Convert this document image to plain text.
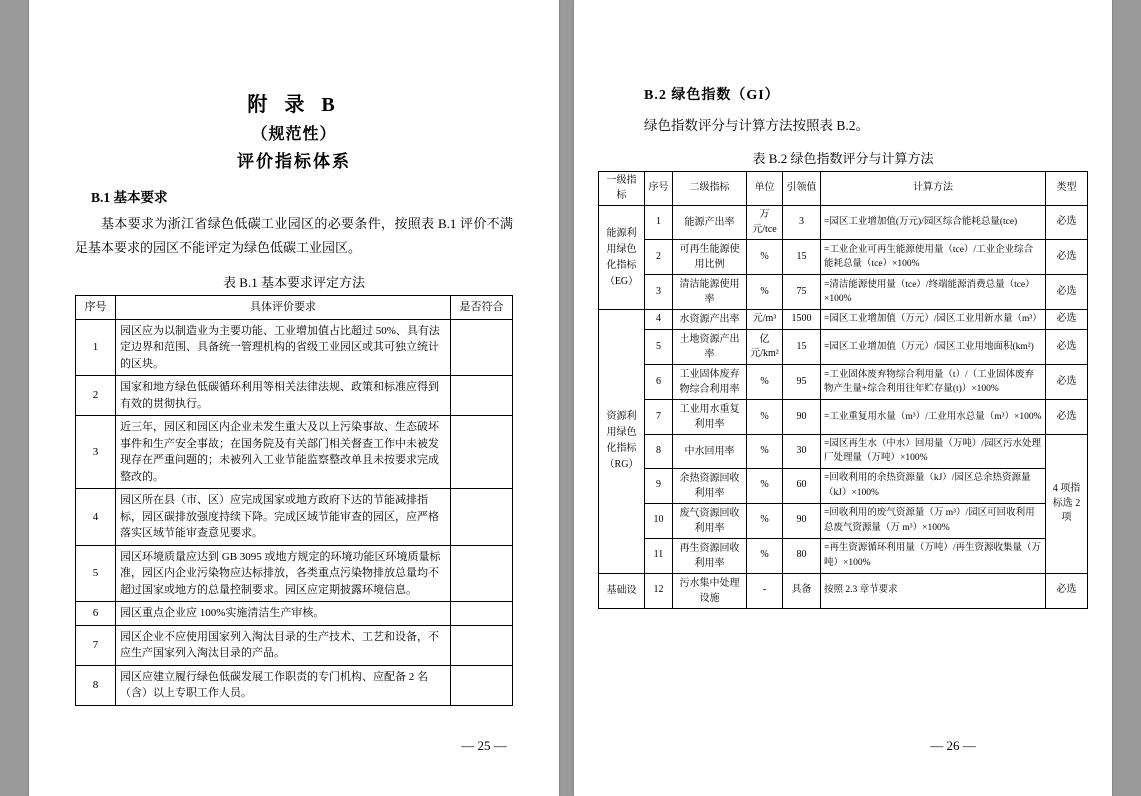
附 录 B
（规范性）
评价指标体系
B.1 基本要求
基本要求为浙江省绿色低碳工业园区的必要条件，按照表 B.1 评价不满足基本要求的园区不能评定为绿色低碳工业园区。
表 B.1 基本要求评定方法
序号	具体评价要求	是否符合
1	园区应为以制造业为主要功能、工业增加值占比超过 50%、具有法定边界和范围、具备统一管理机构的省级工业园区或其可独立统计的区块。	
2	国家和地方绿色低碳循环利用等相关法律法规、政策和标准应得到有效的贯彻执行。	
3	近三年，园区和园区内企业未发生重大及以上污染事故、生态破坏事件和生产安全事故；在国务院及有关部门相关督查工作中未被发现存在严重问题的；未被列入工业节能监察整改单且未按要求完成整改的。	
4	园区所在县（市、区）应完成国家或地方政府下达的节能减排指标，园区碳排放强度持续下降。完成区域节能审查的园区，应严格落实区域节能审查意见要求。	
5	园区环境质量应达到 GB 3095 或地方规定的环境功能区环境质量标准，园区内企业污染物应达标排放，各类重点污染物排放总量均不超过国家或地方的总量控制要求。园区应定期披露环境信息。	
6	园区重点企业应 100%实施清洁生产审核。	
7	园区企业不应使用国家列入淘汰目录的生产技术、工艺和设备，不应生产国家列入淘汰目录的产品。	
8	园区应建立履行绿色低碳发展工作职责的专门机构、应配备 2 名（含）以上专职工作人员。	
— 25 —
B.2 绿色指数（GI）
绿色指数评分与计算方法按照表 B.2。
表 B.2 绿色指数评分与计算方法
一级指标	序号	二级指标	单位	引领值	计算方法	类型
能源利用绿色化指标（EG）	1	能源产出率	万元/tce	3	=园区工业增加值(万元)/园区综合能耗总量(tce)	必选
	2	可再生能源使用比例	%	15	=工业企业可再生能源使用量（tce）/工业企业综合能耗总量（tce）×100%	必选
	3	清洁能源使用率	%	75	=清洁能源使用量（tce）/终端能源消费总量（tce）×100%	必选
资源利用绿色化指标（RG）	4	水资源产出率	元/m³	1500	=园区工业增加值（万元）/园区工业用新水量（m³）	必选
	5	土地资源产出率	亿元/km²	15	=园区工业增加值（万元）/园区工业用地面积(km²)	必选
	6	工业固体废弃物综合利用率	%	95	=工业固体废弃物综合利用量（t）/（工业固体废弃物产生量+综合利用往年贮存量(t)）×100%	必选
	7	工业用水重复利用率	%	90	=工业重复用水量（m³）/工业用水总量（m³）×100%	必选
	8	中水回用率	%	30	=园区再生水（中水）回用量（万吨）/园区污水处理厂处理量（万吨）×100%	4 项指标选 2 项
	9	余热资源回收利用率	%	60	=回收利用的余热资源量（kJ）/园区总余热资源量（kJ）×100%	
	10	废气资源回收利用率	%	90	=回收利用的废气资源量（万 m³）/园区可回收利用总废气资源量（万 m³）×100%	
	11	再生资源回收利用率	%	80	=再生资源循环利用量（万吨）/再生资源收集量（万吨）×100%	
基础设	12	污水集中处理设施	-	具备	按照 2.3 章节要求	必选
— 26 —
